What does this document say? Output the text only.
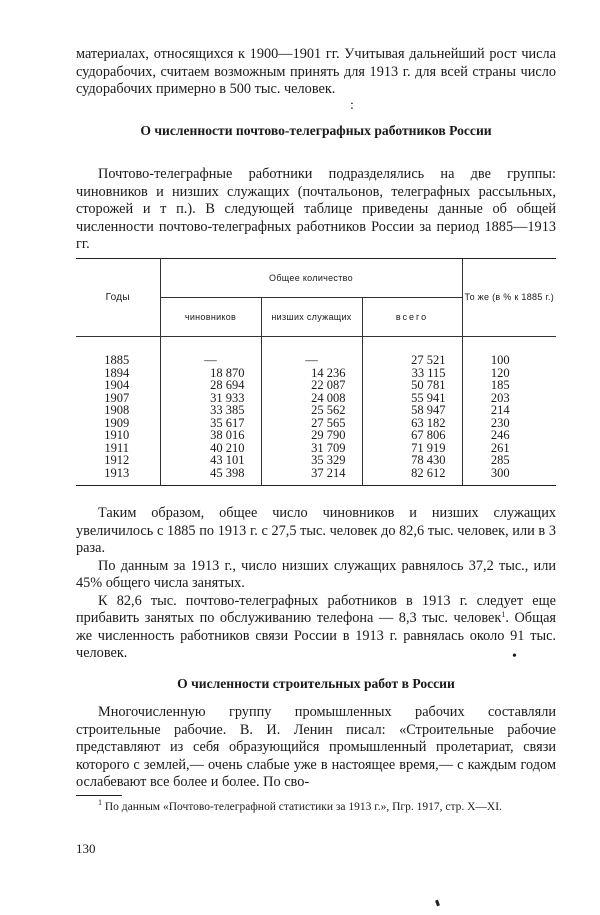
материалах, относящихся к 1900—1901 гг. Учитывая дальнейший рост числа судорабочих, считаем возможным принять для 1913 г. для всей страны число судорабочих примерно в 500 тыс. человек.

:
О численности почтово-телеграфных работников России

Почтово-телеграфные работники подразделялись на две группы: чиновников и низших служащих (почтальонов, телеграфных рассыльных, сторожей и т п.). В следующей таблице приведены данные об общей численности почтово-телеграфных работников России за период 1885—1913 гг.

Годы	Общее количество			То же (в % к 1885 г.)
	чиновников	низших служащих	всего	
1885	—	—	27 521	100
1894	18 870	14 236	33 115	120
1904	28 694	22 087	50 781	185
1907	31 933	24 008	55 941	203
1908	33 385	25 562	58 947	214
1909	35 617	27 565	63 182	230
1910	38 016	29 790	67 806	246
1911	40 210	31 709	71 919	261
1912	43 101	35 329	78 430	285
1913	45 398	37 214	82 612	300
•

Таким образом, общее число чиновников и низших служащих увеличилось с 1885 по 1913 г. с 27,5 тыс. человек до 82,6 тыс. человек, или в 3 раза.

По данным за 1913 г., число низших служащих равнялось 37,2 тыс., или 45% общего числа занятых.

К 82,6 тыс. почтово-телеграфных работников в 1913 г. следует еще прибавить занятых по обслуживанию телефона — 8,3 тыс. человек$^1$. Общая же численность работников связи России в 1913 г. равнялась около 91 тыс. человек.

О численности строительных работ в России

Многочисленную группу промышленных рабочих составляли строительные рабочие. В. И. Ленин писал: «Строительные рабочие представляют из себя образующийся промышленный пролетариат, связи которого с землей,— очень слабые уже в настоящее время,— с каждым годом ослабевают все более и более. По сво-

$^1$ По данным «Почтово-телеграфной статистики за 1913 г.», Пгр. 1917, стр. X—XI.

130
